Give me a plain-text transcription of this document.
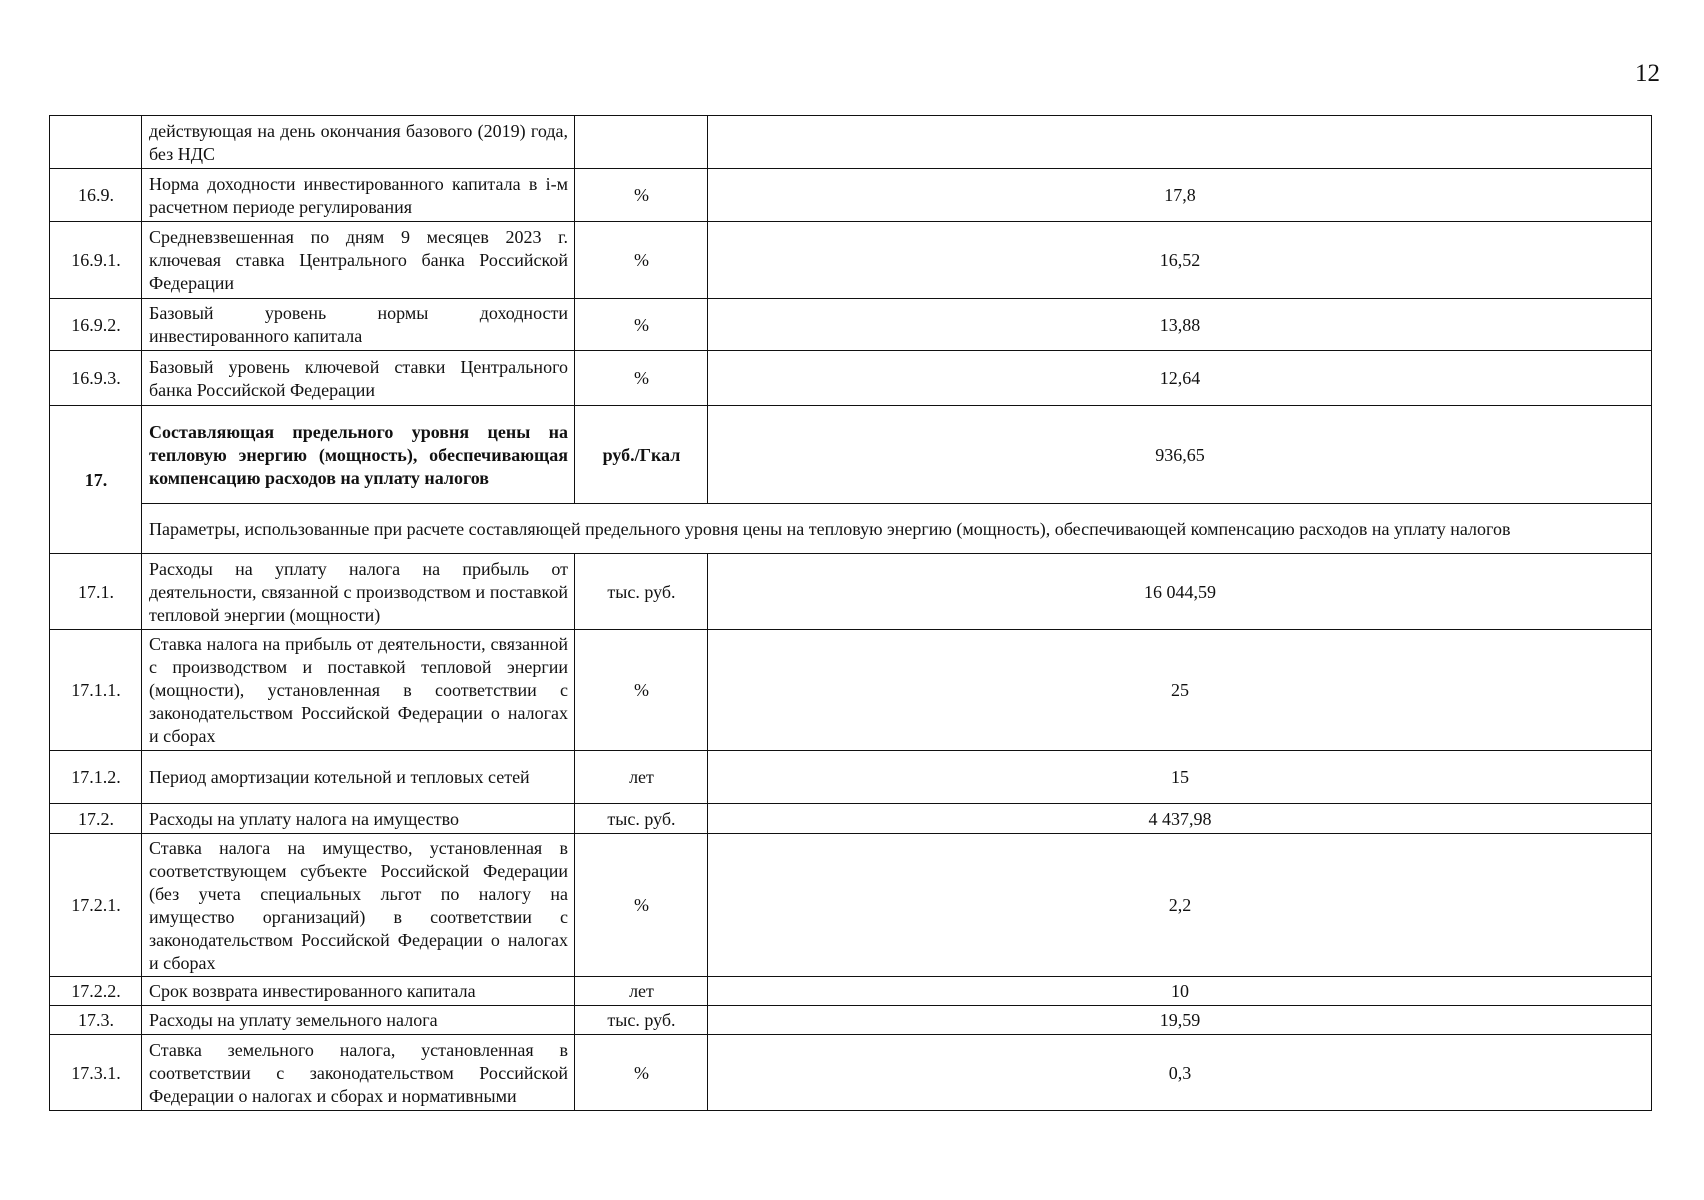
12
	действующая на день окончания базового (2019) года, без НДС		
16.9.	Норма доходности инвестированного капитала в i-м расчетном периоде регулирования	%	17,8
16.9.1.	Средневзвешенная по дням 9 месяцев 2023 г. ключевая ставка Центрального банка Российской Федерации	%	16,52
16.9.2.	Базовый уровень нормы доходности инвестированного капитала	%	13,88
16.9.3.	Базовый уровень ключевой ставки Центрального банка Российской Федерации	%	12,64
17.	Составляющая предельного уровня цены на тепловую энергию (мощность), обеспечивающая компенсацию расходов на уплату налогов	руб./Гкал	936,65
	Параметры, использованные при расчете составляющей предельного уровня цены на тепловую энергию (мощность), обеспечивающей компенсацию расходов на уплату налогов		
17.1.	Расходы на уплату налога на прибыль от деятельности, связанной с производством и поставкой тепловой энергии (мощности)	тыс. руб.	16 044,59
17.1.1.	Ставка налога на прибыль от деятельности, связанной с производством и поставкой тепловой энергии (мощности), установленная в соответствии с законодательством Российской Федерации о налогах и сборах	%	25
17.1.2.	Период амортизации котельной и тепловых сетей	лет	15
17.2.	Расходы на уплату налога на имущество	тыс. руб.	4 437,98
17.2.1.	Ставка налога на имущество, установленная в соответствующем субъекте Российской Федерации (без учета специальных льгот по налогу на имущество организаций) в соответствии с законодательством Российской Федерации о налогах и сборах	%	2,2
17.2.2.	Срок возврата инвестированного капитала	лет	10
17.3.	Расходы на уплату земельного налога	тыс. руб.	19,59
17.3.1.	Ставка земельного налога, установленная в соответствии с законодательством Российской Федерации о налогах и сборах и нормативными	%	0,3
